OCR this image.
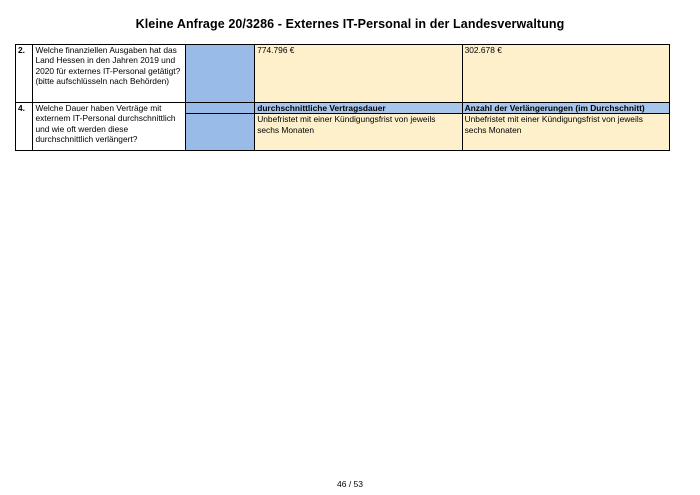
Kleine Anfrage 20/3286 - Externes IT-Personal in der Landesverwaltung
2.	Welche finanziellen Ausgaben hat das Land Hessen in den Jahren 2019 und 2020 für externes IT-Personal getätigt? (bitte aufschlüsseln nach Behörden)		774.796 €	302.678 €
4.	Welche Dauer haben Verträge mit externem IT-Personal durchschnittlich und wie oft werden diese durchschnittlich verlängert?		durchschnittliche Vertragsdauer	Anzahl der Verlängerungen (im Durchschnitt)
			Unbefristet mit einer Kündigungsfrist von jeweils sechs Monaten	Unbefristet mit einer Kündigungsfrist von jeweils sechs Monaten
46 / 53
